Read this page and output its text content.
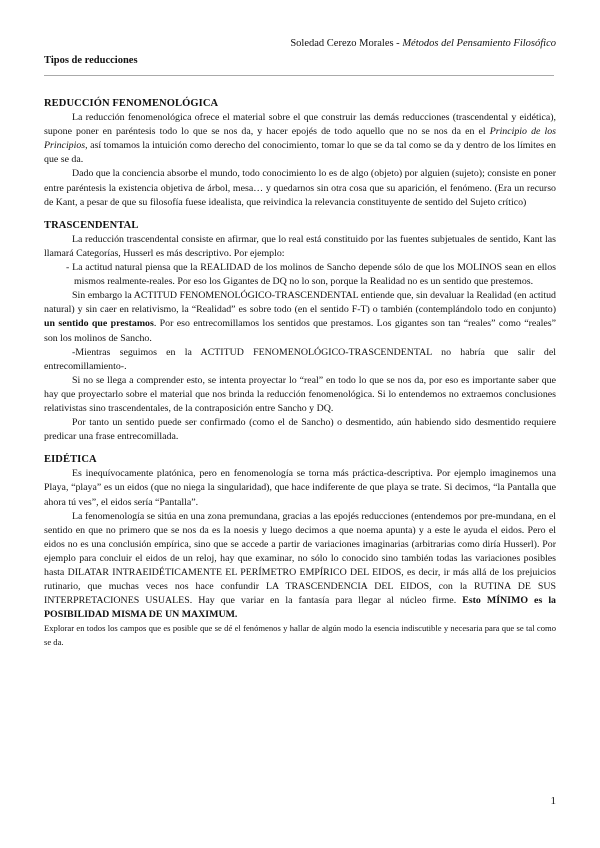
Soledad Cerezo Morales - Métodos del Pensamiento Filosófico
Tipos de reducciones
REDUCCIÓN FENOMENOLÓGICA

La reducción fenomenológica ofrece el material sobre el que construir las demás reducciones (trascendental y eidética), supone poner en paréntesis todo lo que se nos da, y hacer epojés de todo aquello que no se nos da en el Principio de los Principios, así tomamos la intuición como derecho del conocimiento, tomar lo que se da tal como se da y dentro de los límites en que se da.

Dado que la conciencia absorbe el mundo, todo conocimiento lo es de algo (objeto) por alguien (sujeto); consiste en poner entre paréntesis la existencia objetiva de árbol, mesa… y quedarnos sin otra cosa que su aparición, el fenómeno. (Era un recurso de Kant, a pesar de que su filosofía fuese idealista, que reivindica la relevancia constituyente de sentido del Sujeto crítico)

TRASCENDENTAL

La reducción trascendental consiste en afirmar, que lo real está constituido por las fuentes subjetuales de sentido, Kant las llamará Categorías, Husserl es más descriptivo. Por ejemplo:

- La actitud natural piensa que la REALIDAD de los molinos de Sancho depende sólo de que los MOLINOS sean en ellos mismos realmente-reales. Por eso los Gigantes de DQ no lo son, porque la Realidad no es un sentido que prestemos.

Sin embargo la ACTITUD FENOMENOLÓGICO-TRASCENDENTAL entiende que, sin devaluar la Realidad (en actitud natural) y sin caer en relativismo, la “Realidad” es sobre todo (en el sentido F-T) o también (contemplándolo todo en conjunto) un sentido que prestamos. Por eso entrecomillamos los sentidos que prestamos. Los gigantes son tan “reales” como “reales” son los molinos de Sancho.

-Mientras seguimos en la ACTITUD FENOMENOLÓGICO-TRASCENDENTAL no habría que salir del entrecomillamiento-.

Si no se llega a comprender esto, se intenta proyectar lo “real” en todo lo que se nos da, por eso es importante saber que hay que proyectarlo sobre el material que nos brinda la reducción fenomenológica. Si lo entendemos no extraemos conclusiones relativistas sino trascendentales, de la contraposición entre Sancho y DQ.

Por tanto un sentido puede ser confirmado (como el de Sancho) o desmentido, aún habiendo sido desmentido requiere predicar una frase entrecomillada.

EIDÉTICA

Es inequívocamente platónica, pero en fenomenología se torna más práctica-descriptiva. Por ejemplo imaginemos una Playa, “playa” es un eidos (que no niega la singularidad), que hace indiferente de que playa se trate. Si decimos, “la Pantalla que ahora tú ves”, el eidos sería “Pantalla”.

La fenomenología se sitúa en una zona premundana, gracias a las epojés reducciones (entendemos por pre-mundana, en el sentido en que no primero que se nos da es la noesis y luego decimos a que noema apunta) y a este le ayuda el eidos. Pero el eidos no es una conclusión empírica, sino que se accede a partir de variaciones imaginarias (arbitrarias como diría Husserl). Por ejemplo para concluir el eidos de un reloj, hay que examinar, no sólo lo conocido sino también todas las variaciones posibles hasta DILATAR INTRAEIDÉTICAMENTE EL PERÍMETRO EMPÍRICO DEL EIDOS, es decir, ir más allá de los prejuicios rutinario, que muchas veces nos hace confundir LA TRASCENDENCIA DEL EIDOS, con la RUTINA DE SUS INTERPRETACIONES USUALES. Hay que variar en la fantasía para llegar al núcleo firme. Esto MÍNIMO es la POSIBILIDAD MISMA DE UN MAXIMUM.

Explorar en todos los campos que es posible que se dé el fenómenos y hallar de algún modo la esencia indiscutible y necesaria para que se tal como se da.

1
